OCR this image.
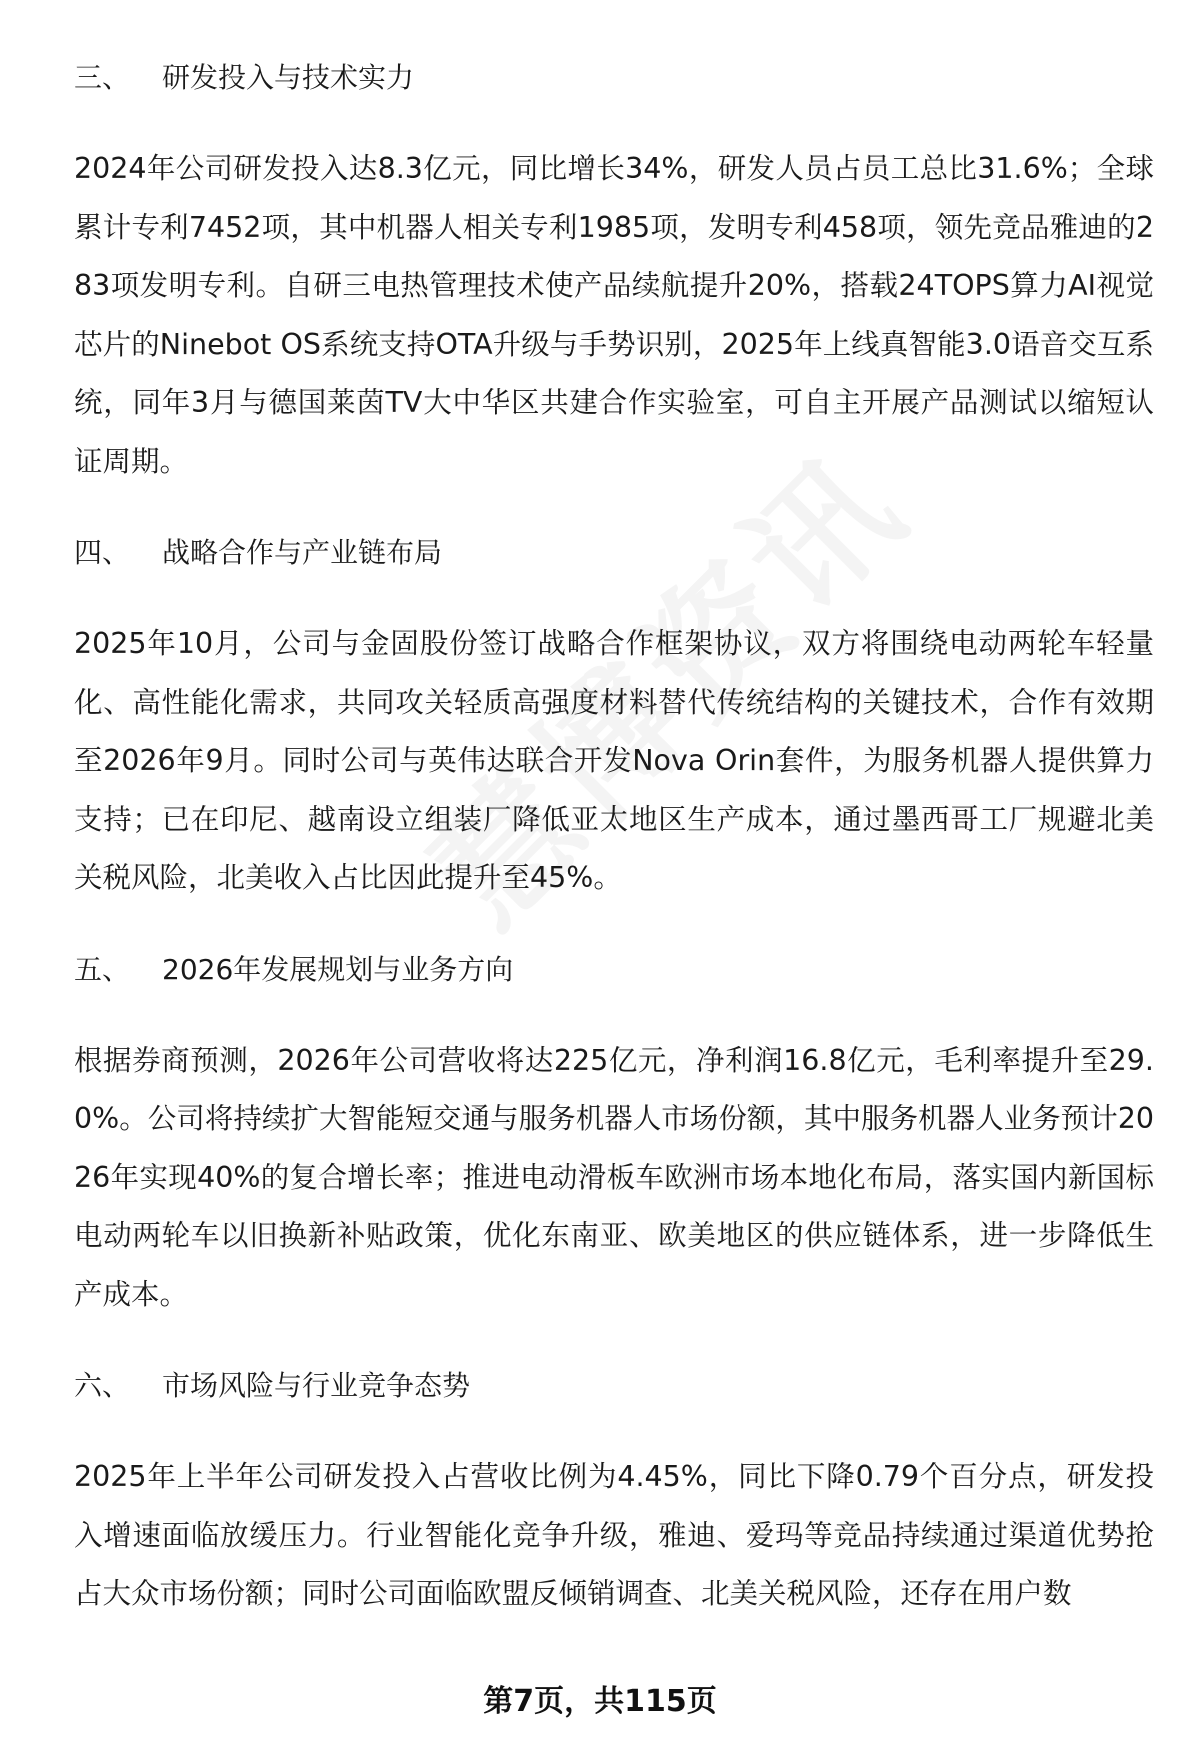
三、 研发投入与技术实力

2024年公司研发投入达8.3亿元，同比增长34%，研发人员占员工总比31.6%；全球累计专利7452项，其中机器人相关专利1985项，发明专利458项，领先竞品雅迪的283项发明专利。自研三电热管理技术使产品续航提升20%，搭载24TOPS算力AI视觉芯片的Ninebot OS系统支持OTA升级与手势识别，2025年上线真智能3.0语音交互系统，同年3月与德国莱茵TV大中华区共建合作实验室，可自主开展产品测试以缩短认证周期。

四、 战略合作与产业链布局

2025年10月，公司与金固股份签订战略合作框架协议，双方将围绕电动两轮车轻量化、高性能化需求，共同攻关轻质高强度材料替代传统结构的关键技术，合作有效期至2026年9月。同时公司与英伟达联合开发Nova Orin套件，为服务机器人提供算力支持；已在印尼、越南设立组装厂降低亚太地区生产成本，通过墨西哥工厂规避北美关税风险，北美收入占比因此提升至45%。

五、 2026年发展规划与业务方向

根据券商预测，2026年公司营收将达225亿元，净利润16.8亿元，毛利率提升至29.0%。公司将持续扩大智能短交通与服务机器人市场份额，其中服务机器人业务预计2026年实现40%的复合增长率；推进电动滑板车欧洲市场本地化布局，落实国内新国标电动两轮车以旧换新补贴政策，优化东南亚、欧美地区的供应链体系，进一步降低生产成本。

六、 市场风险与行业竞争态势

2025年上半年公司研发投入占营收比例为4.45%，同比下降0.79个百分点，研发投入增速面临放缓压力。行业智能化竞争升级，雅迪、爱玛等竞品持续通过渠道优势抢占大众市场份额；同时公司面临欧盟反倾销调查、北美关税风险，还存在用户数

第7页，共115页
